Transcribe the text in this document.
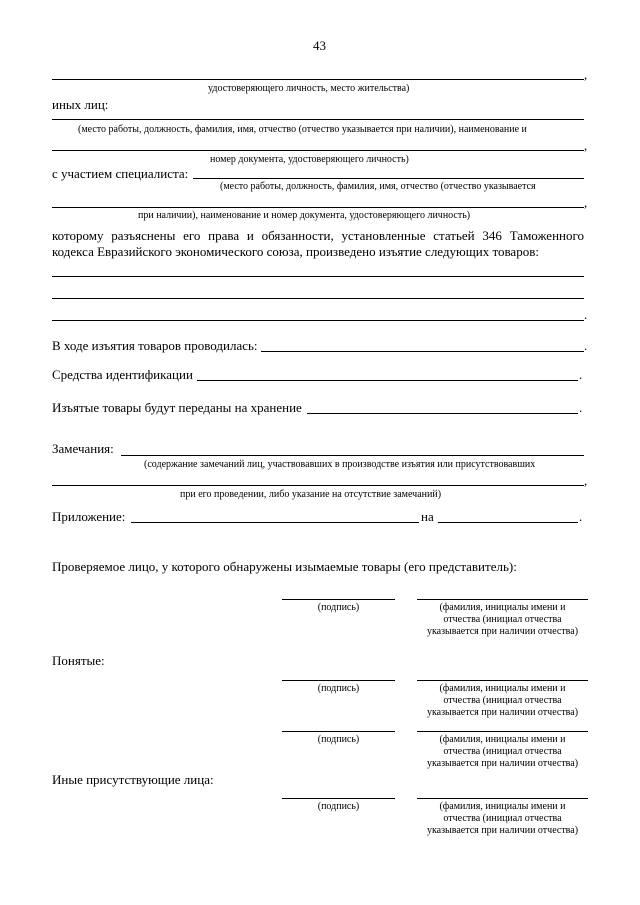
43
,
удостоверяющего личность, место жительства)
иных лиц:
(место работы, должность, фамилия, имя, отчество (отчество указывается при наличии), наименование и
,
номер документа, удостоверяющего личность)
с участием специалиста:
(место работы, должность, фамилия, имя, отчество (отчество указывается
,
при наличии), наименование и номер документа, удостоверяющего личность)
которому разъяснены его права и обязанности, установленные статьей 346 Таможенного кодекса Евразийского экономического союза, произведено изъятие следующих товаров:
.
В ходе изъятия товаров проводилась:	.
Средства идентификации	.
Изъятые товары будут переданы на хранение	.
Замечания:
(содержание замечаний лиц, участвовавших в производстве изъятия или присутствовавших
,
при его проведении, либо указание на отсутствие замечаний)
Приложение:	на	.
Проверяемое лицо, у которого обнаружены изымаемые товары (его представитель):
(подпись)	(фамилия, инициалы имени и
отчества (инициал отчества
указывается при наличии отчества)
Понятые:
(подпись)	(фамилия, инициалы имени и
отчества (инициал отчества
указывается при наличии отчества)
(подпись)	(фамилия, инициалы имени и
отчества (инициал отчества
указывается при наличии отчества)
Иные присутствующие лица:
(подпись)	(фамилия, инициалы имени и
отчества (инициал отчества
указывается при наличии отчества)
